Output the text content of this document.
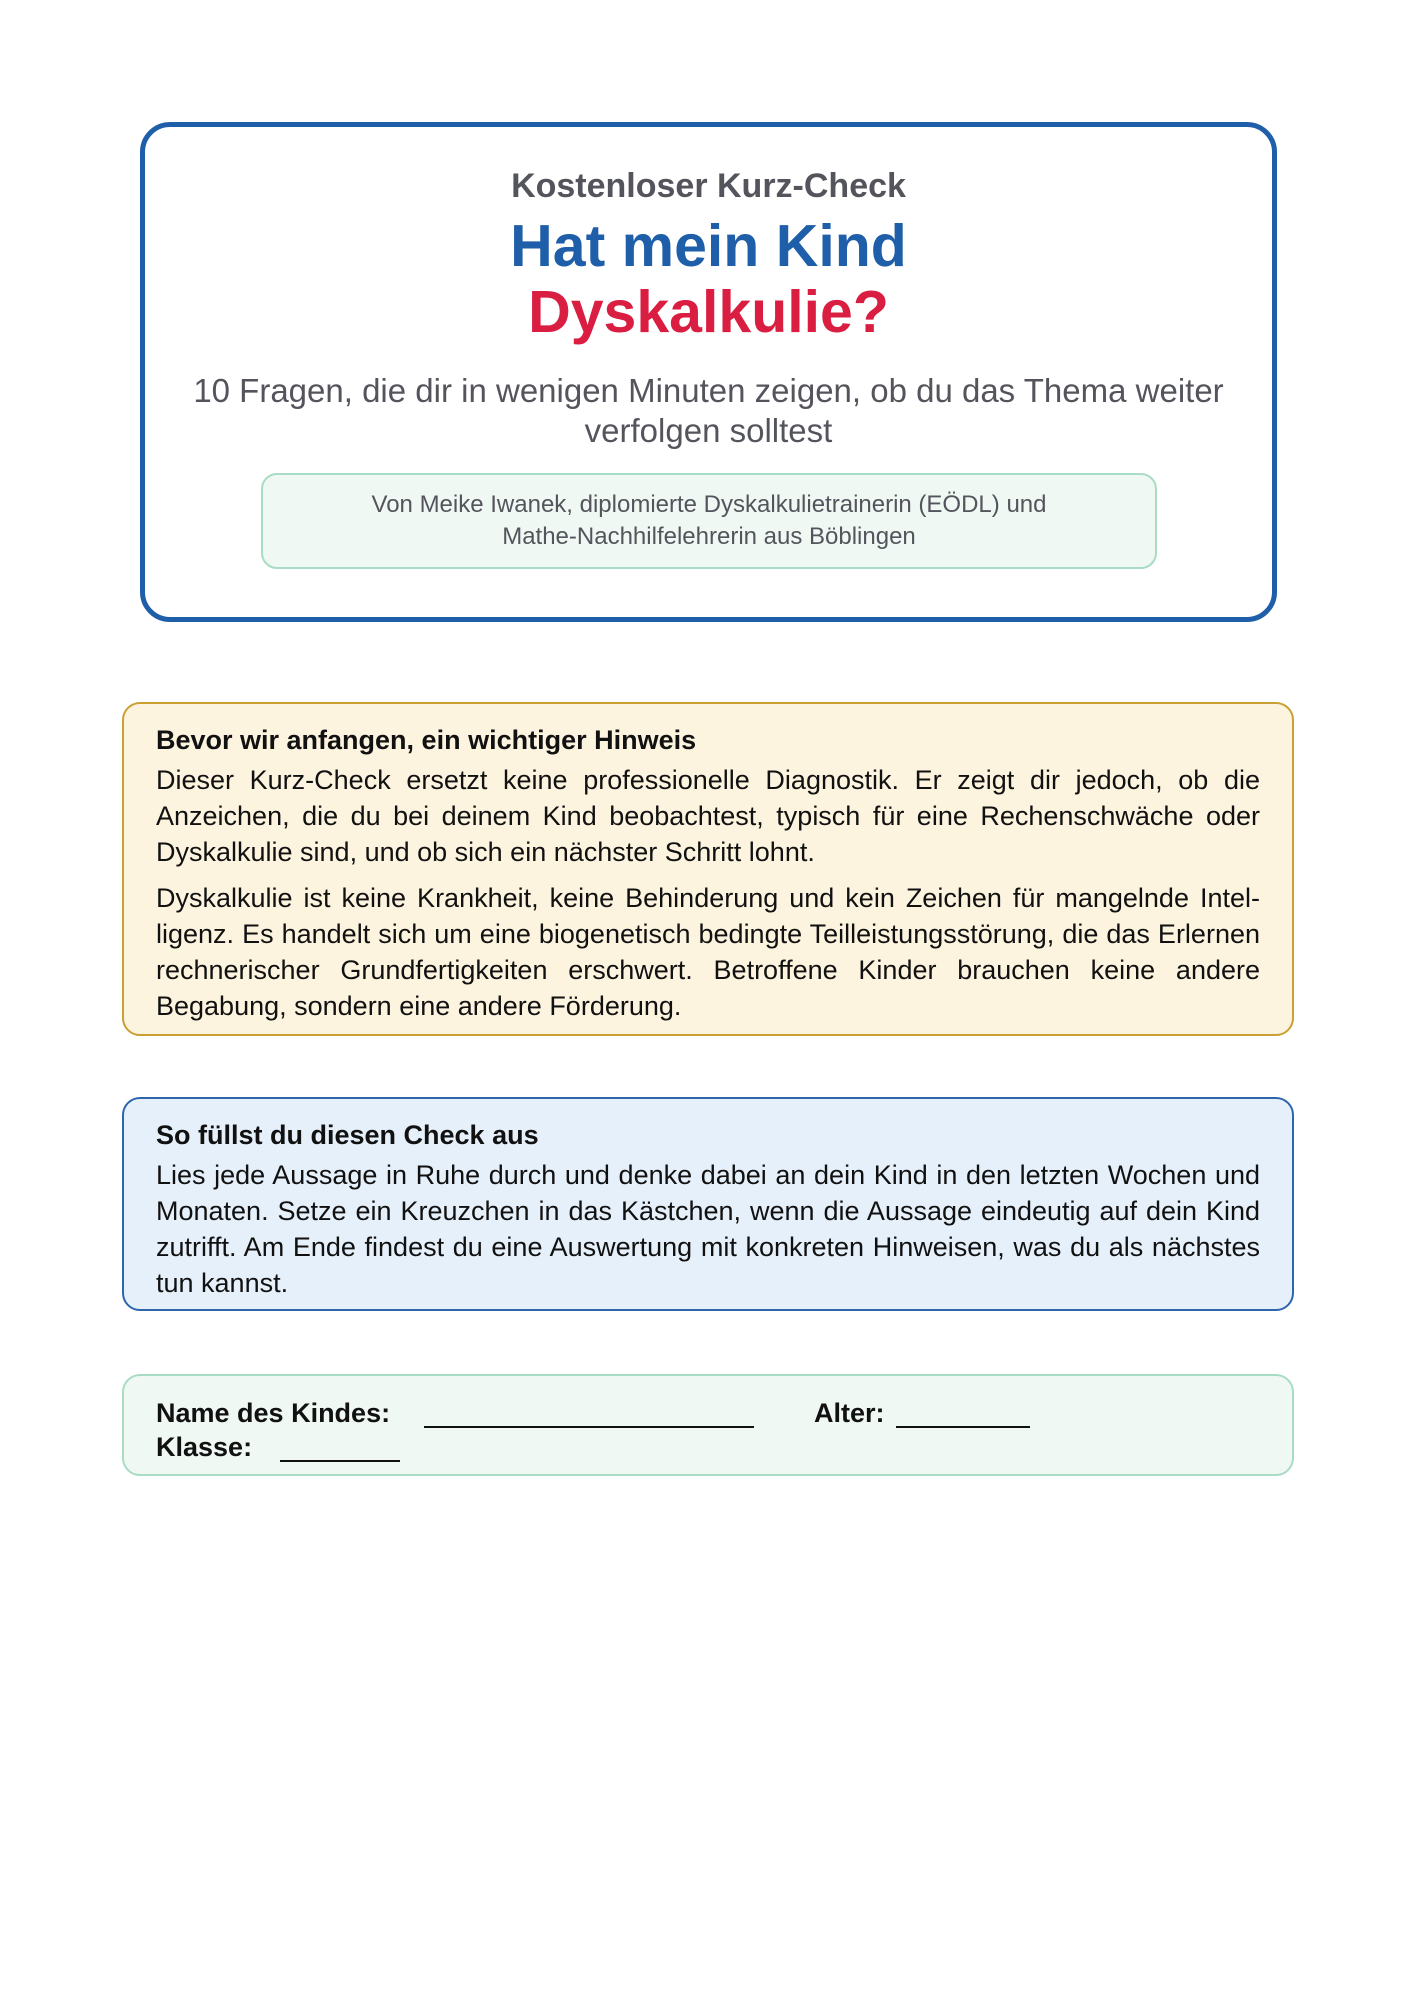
Kostenloser Kurz-Check
Hat mein Kind
Dyskalkulie?
10 Fragen, die dir in wenigen Minuten zeigen, ob du das Thema weiter
verfolgen solltest
Von Meike Iwanek, diplomierte Dyskalkulietrainerin (EÖDL) und
Mathe-Nachhilfelehrerin aus Böblingen
Bevor wir anfangen, ein wichtiger Hinweis
Dieser Kurz-Check ersetzt keine professionelle Diagnostik. Er zeigt dir jedoch, ob die Anzeichen, die du bei deinem Kind beobachtest, typisch für eine Rechenschwäche oder Dyskalkulie sind, und ob sich ein nächster Schritt lohnt.
Dyskalkulie ist keine Krankheit, keine Behinderung und kein Zeichen für mangelnde Intelligenz. Es handelt sich um eine biogenetisch bedingte Teilleistungsstörung, die das Erlernen rechnerischer Grundfertigkeiten erschwert. Betroffene Kinder brauchen keine andere Begabung, sondern eine andere Förderung.
So füllst du diesen Check aus
Lies jede Aussage in Ruhe durch und denke dabei an dein Kind in den letzten Wochen und Monaten. Setze ein Kreuzchen in das Kästchen, wenn die Aussage eindeutig auf dein Kind zutrifft. Am Ende findest du eine Auswertung mit konkreten Hinweisen, was du als nächstes tun kannst.
Name des Kindes:	Alter:
Klasse:
